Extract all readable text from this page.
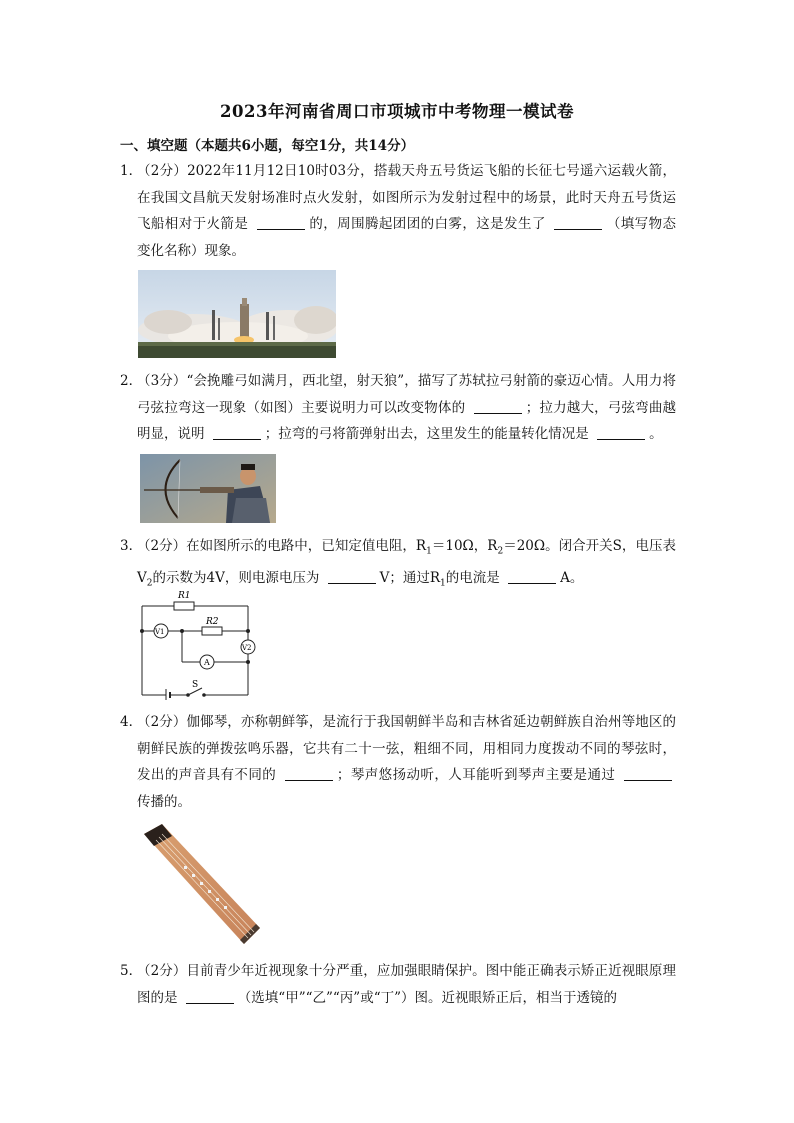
2023年河南省周口市项城市中考物理一模试卷
一、填空题（本题共6小题，每空1分，共14分）
1．
（2分）2022年11月12日10时03分，搭载天舟五号货运飞船的长征七号遥六运载火箭，在我国文昌航天发射场准时点火发射，如图所示为发射过程中的场景，此时天舟五号货运飞船相对于火箭是	的，周围腾起团团的白雾，这是发生了	（填写物态变化名称）现象。
2．
（3分）“会挽雕弓如满月，西北望，射天狼”，描写了苏轼拉弓射箭的豪迈心情。人用力将弓弦拉弯这一现象（如图）主要说明力可以改变物体的	；拉力越大，弓弦弯曲越明显，说明	；拉弯的弓将箭弹射出去，这里发生的能量转化情况是	。
3．
（2分）在如图所示的电路中，已知定值电阻，$R_1=10\Omega$，$R_2=20\Omega$。闭合开关S，电压表$V_2$的示数为4V，则电源电压为	V；通过$R_1$的电流是	A。
R1
R2
V1
V2
A
S
4．
（2分）伽倻琴，亦称朝鲜筝，是流行于我国朝鲜半岛和吉林省延边朝鲜族自治州等地区的朝鲜民族的弹拨弦鸣乐器，它共有二十一弦，粗细不同，用相同力度拨动不同的琴弦时，发出的声音具有不同的	；琴声悠扬动听，人耳能听到琴声主要是通过 传播的。
5．
（2分）目前青少年近视现象十分严重，应加强眼睛保护。图中能正确表示矫正近视眼原理图的是	（选填“甲”“乙”“丙”或“丁”）图。近视眼矫正后，相当于透镜的
